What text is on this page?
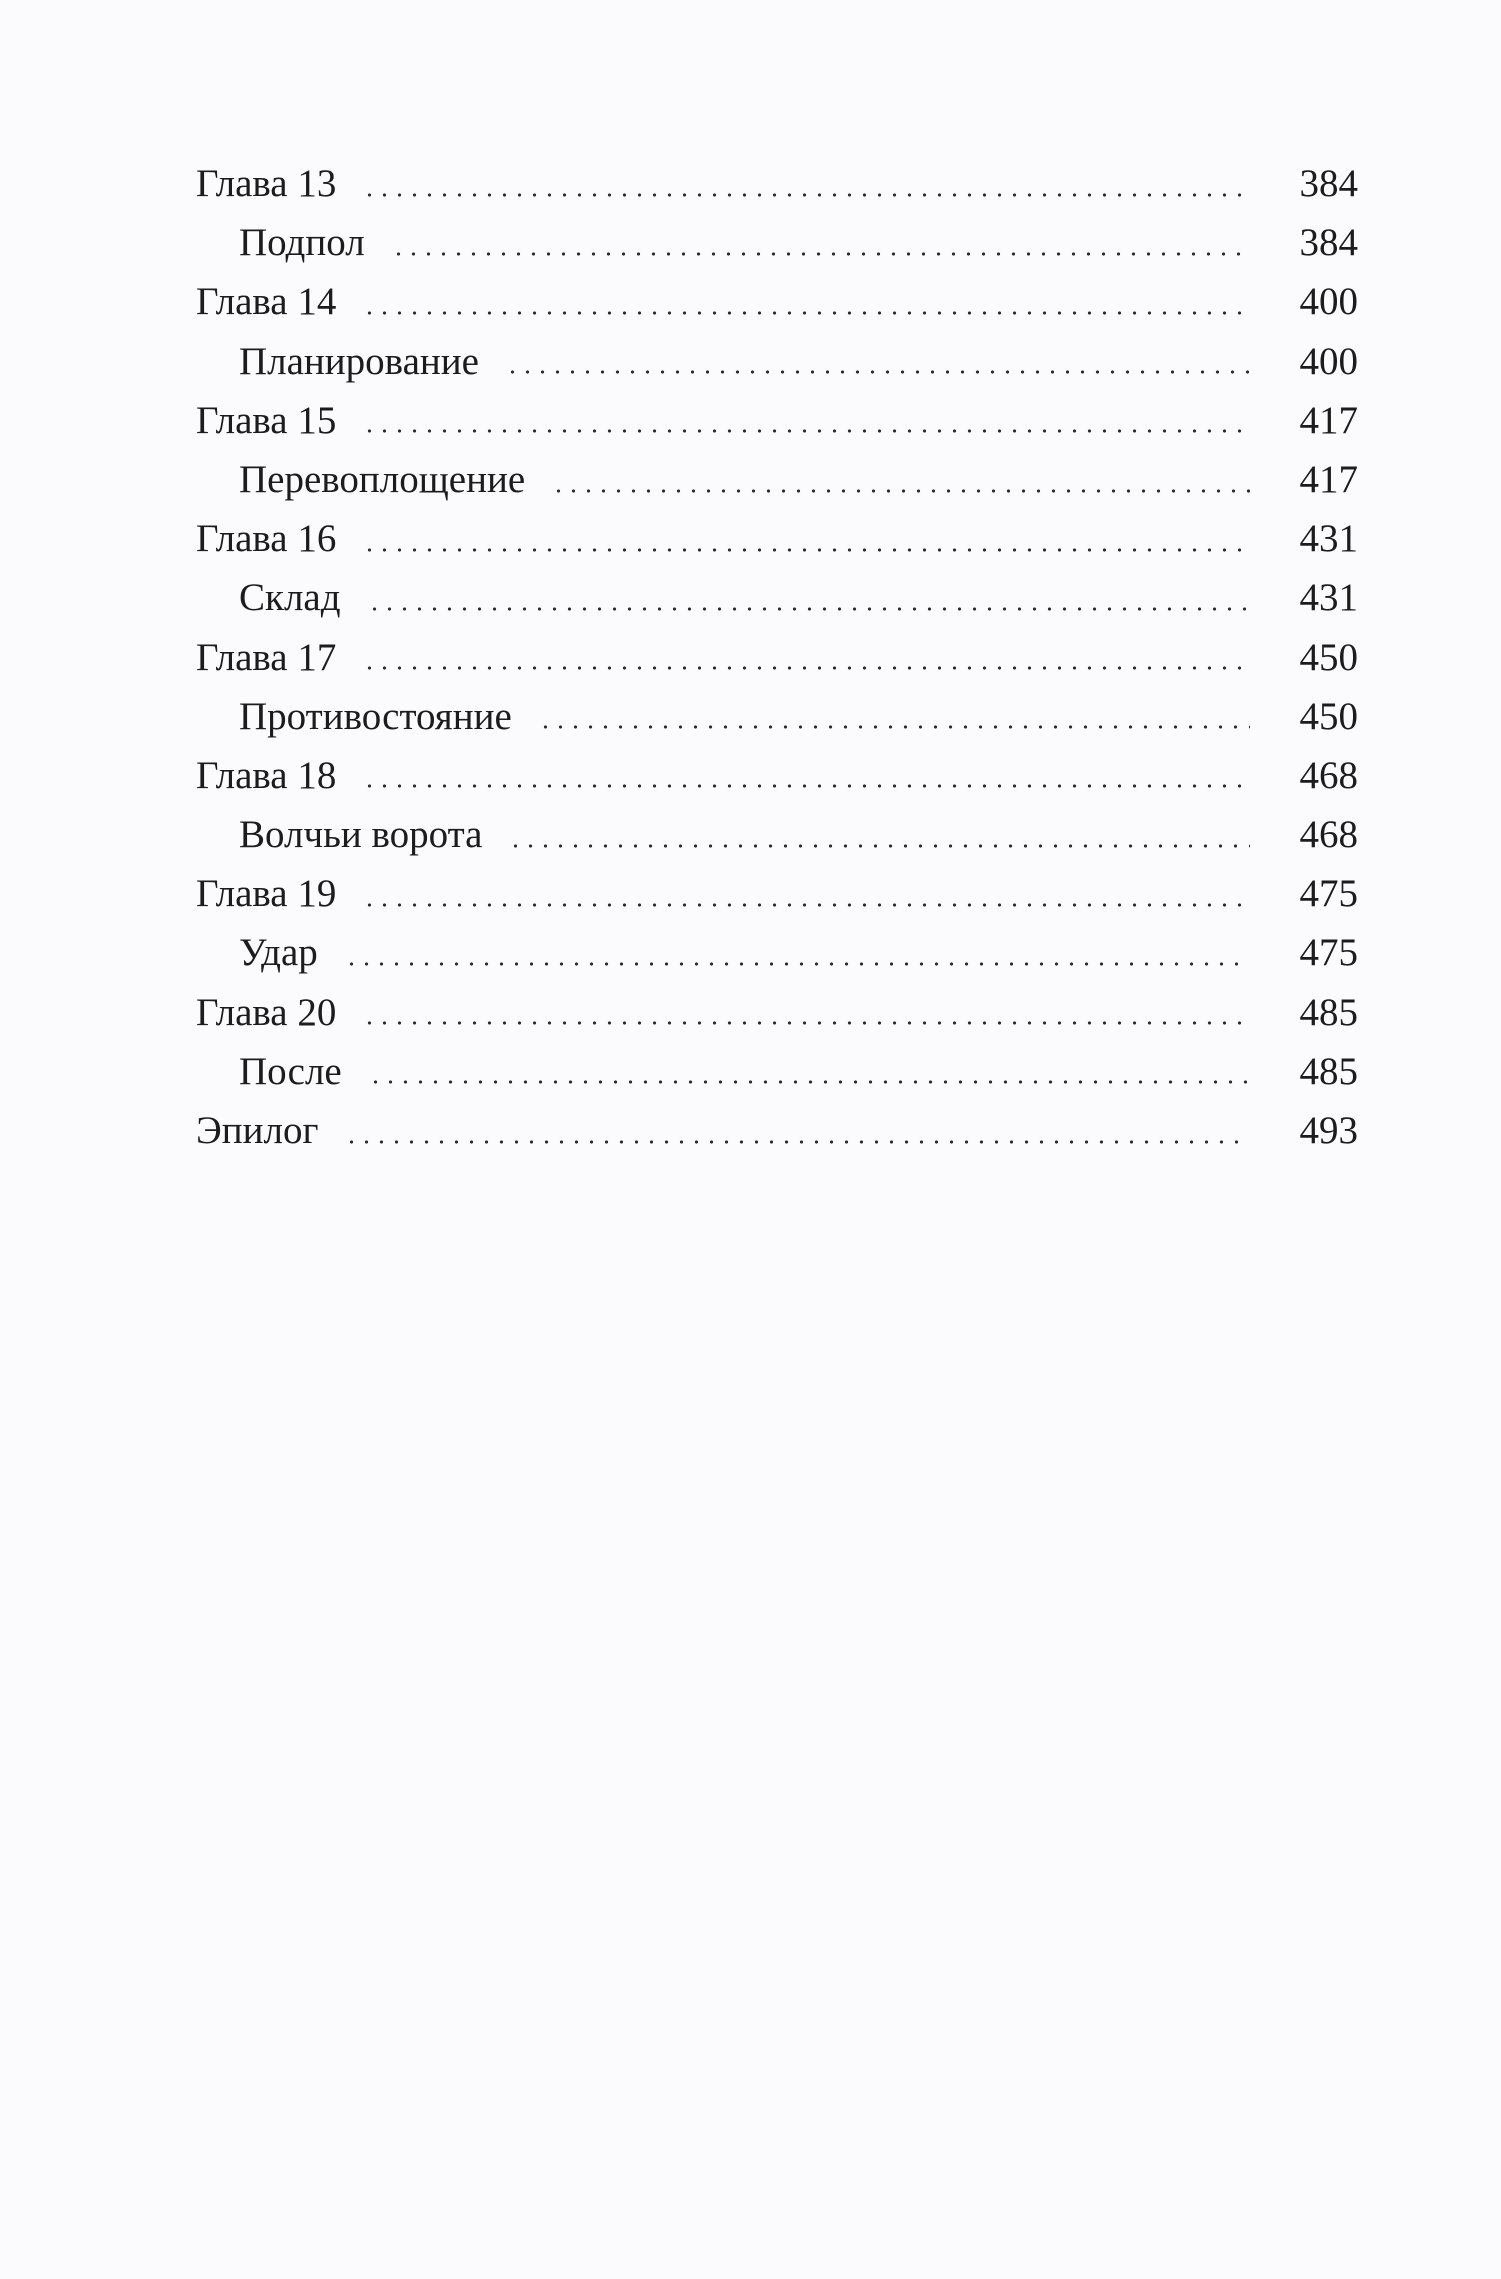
Глава 13	384
Подпол	384
Глава 14	400
Планирование	400
Глава 15	417
Перевоплощение	417
Глава 16	431
Склад	431
Глава 17	450
Противостояние	450
Глава 18	468
Волчьи ворота	468
Глава 19	475
Удар	475
Глава 20	485
После	485
Эпилог	493
